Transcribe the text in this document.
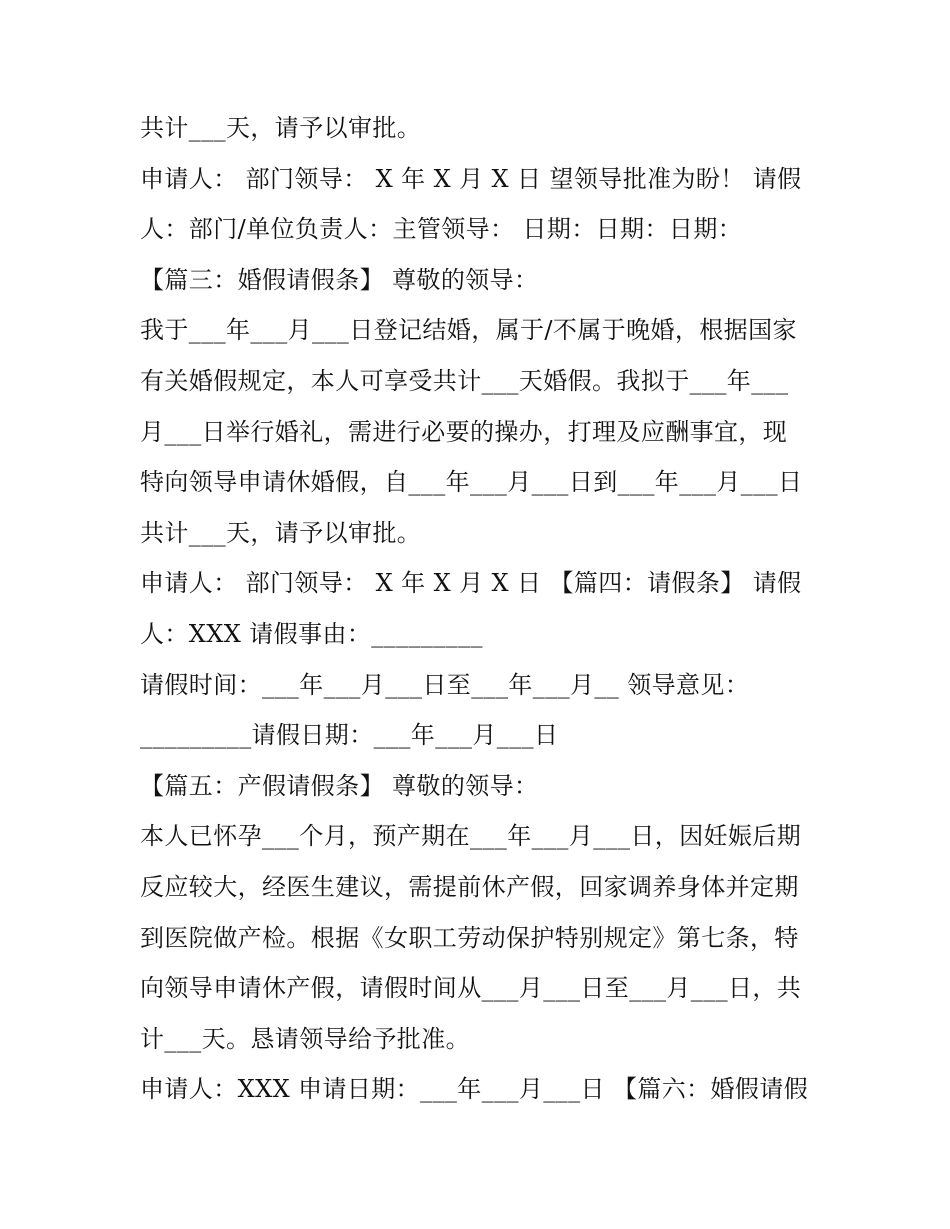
共计___天，请予以审批。
申请人： 部门领导： X 年 X 月 X 日 望领导批准为盼！ 请假
人：部门/单位负责人：主管领导： 日期：日期：日期：
【篇三：婚假请假条】 尊敬的领导：
我于___年___月___日登记结婚，属于/不属于晚婚，根据国家
有关婚假规定，本人可享受共计___天婚假。我拟于___年___
月___日举行婚礼，需进行必要的操办，打理及应酬事宜，现
特向领导申请休婚假，自___年___月___日到___年___月___日
共计___天，请予以审批。
申请人： 部门领导： X 年 X 月 X 日 【篇四：请假条】 请假
人：XXX 请假事由：_________
请假时间：___年___月___日至___年___月__ 领导意见：
_________请假日期：___年___月___日
【篇五：产假请假条】 尊敬的领导：
本人已怀孕___个月，预产期在___年___月___日，因妊娠后期
反应较大，经医生建议，需提前休产假，回家调养身体并定期
到医院做产检。根据《女职工劳动保护特别规定》第七条，特
向领导申请休产假，请假时间从___月___日至___月___日，共
计___天。恳请领导给予批准。
申请人：XXX 申请日期：___年___月___日 【篇六：婚假请假
